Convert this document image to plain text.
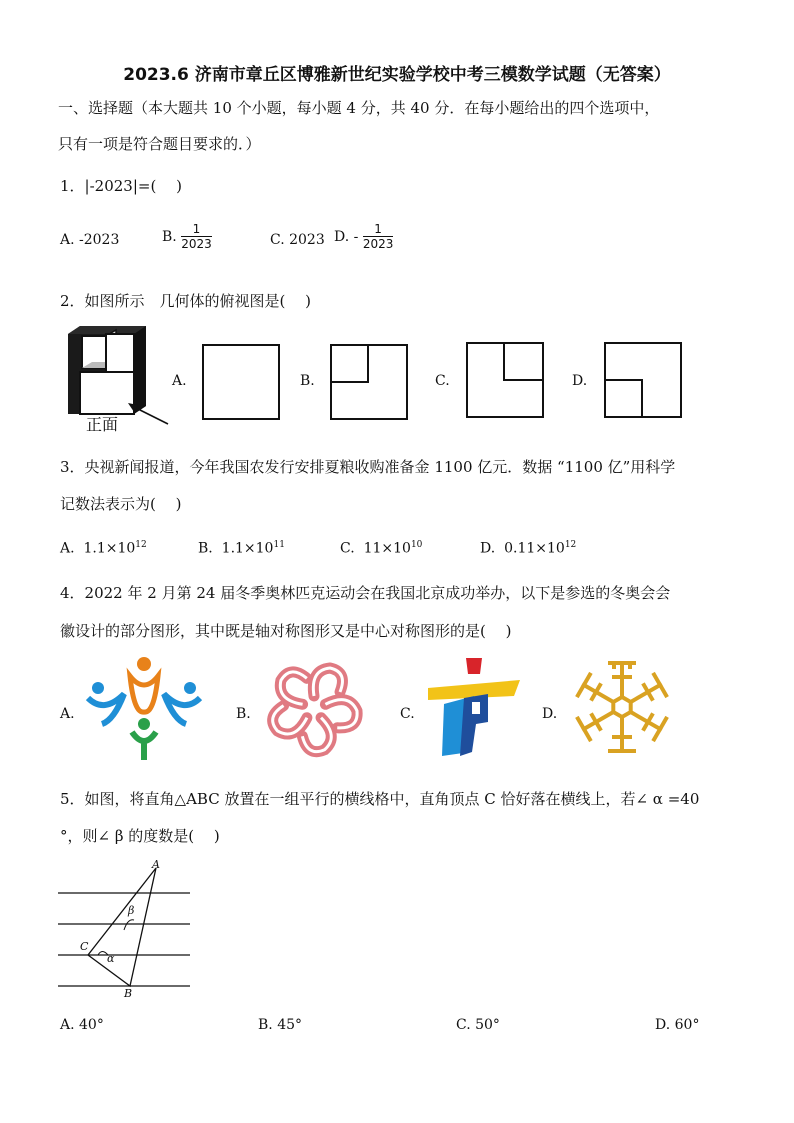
2023.6 济南市章丘区博雅新世纪实验学校中考三模数学试题（无答案）
一、选择题（本大题共 10 个小题，每小题 4 分，共 40 分．在每小题给出的四个选项中，
只有一项是符合题目要求的．）
1．|-2023|=(　 )
A. -2023	B. $\frac{1}{2023}$	C. 2023 D. - $\frac{1}{2023}$
2．如图所示　几何体的俯视图是(　 )
正面
A.	B.	C.	D.
3．央视新闻报道，今年我国农发行安排夏粮收购准备金 1100 亿元．数据 “1100 亿”用科学
记数法表示为(　 )
A. $1.1\times 10^{12}$	B. $1.1\times 10^{11}$	C. $11\times 10^{10}$	D. $0.11\times 10^{12}$
4．2022 年 2 月第 24 届冬季奥林匹克运动会在我国北京成功举办，以下是参选的冬奥会会
徽设计的部分图形，其中既是轴对称图形又是中心对称图形的是(　 )
A.	B.	C.	D.
5．如图，将直角△ABC 放置在一组平行的横线格中，直角顶点 C 恰好落在横线上，若∠ α =40
°，则∠ β 的度数是(　 )
A
C
B
β
α
A. 40°	B. 45°	C. 50°	D. 60°
